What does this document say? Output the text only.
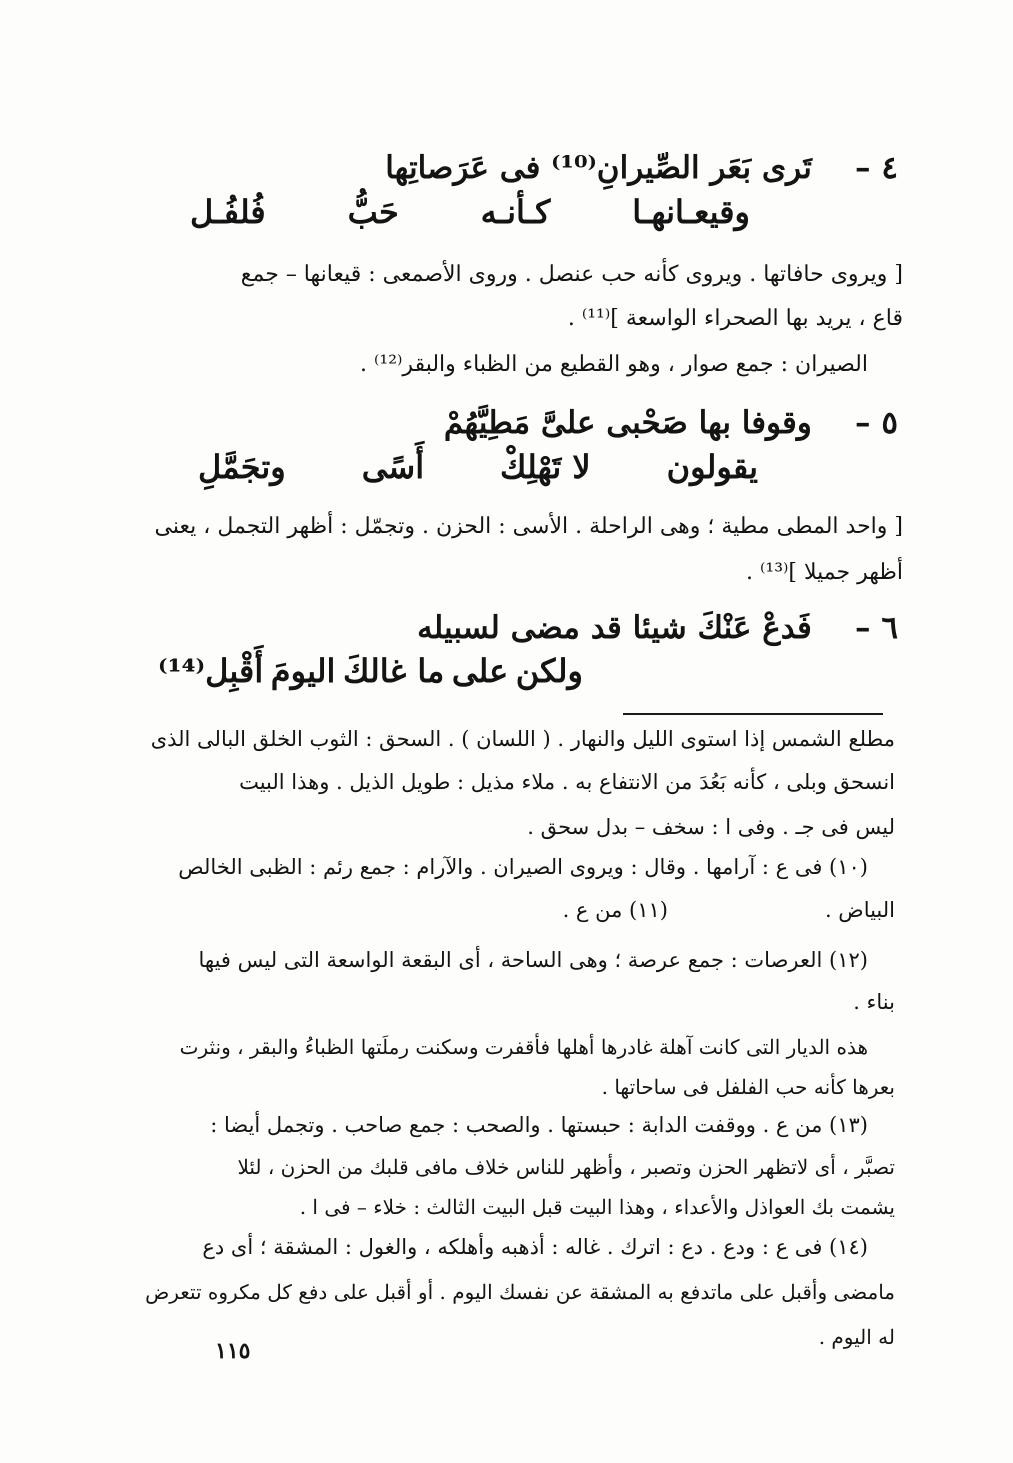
٤ –    تَرى بَعَر الصِّيرانِ⁽¹⁰⁾ فى عَرَصاتِها
وقيعـانهـا
كـأنـه
حَبُّ
فُلفُـل
[ ويروى حافاتها . ويروى كأنه حب عنصل . وروى الأصمعى : قيعانها – جمع
قاع ، يريد بها الصحراء الواسعة ]⁽¹¹⁾ .
الصيران : جمع صوار ، وهو القطيع من الظباء والبقر⁽¹²⁾ .
٥ –    وقوفا بها صَحْبى علىَّ مَطِيَّهُمْ
يقولون
لا تَهْلِكْ
أَسًى
وتجَمَّلِ
[ واحد المطى مطية ؛ وهى الراحلة . الأسى : الحزن . وتجمّل : أظهر التجمل ، يعنى
أظهر جميلا ]⁽¹³⁾ .
٦ –    فَدعْ عَنْكَ شيئا قد مضى لسبيله
ولكن
على
ما غالكَ
اليومَ
أَقْبِل⁽¹⁴⁾
مطلع الشمس إذا استوى الليل والنهار . ( اللسان ) . السحق : الثوب الخلق البالى الذى
انسحق وبلى ، كأنه بَعُدَ من الانتفاع به . ملاء مذيل : طويل الذيل . وهذا البيت
ليس فى جـ . وفى ا : سخف – بدل سحق .
(١٠) فى ع : آرامها . وقال : ويروى الصيران . والآرام : جمع رئم : الظبى الخالص
البياض .
(١١) من ع .
(١٢) العرصات : جمع عرصة ؛ وهى الساحة ، أى البقعة الواسعة التى ليس فيها
بناء .
هذه الديار التى كانت آهلة غادرها أهلها فأقفرت وسكنت رملَتها الظباءُ والبقر ، ونثرت
بعرها كأنه حب الفلفل فى ساحاتها .
(١٣) من ع . ووقفت الدابة : حبستها . والصحب : جمع صاحب . وتجمل أيضا :
تصبَّر ، أى لاتظهر الحزن وتصبر ، وأظهر للناس خلاف مافى قلبك من الحزن ، لئلا
يشمت بك العواذل والأعداء ، وهذا البيت قبل البيت الثالث : خلاء – فى ا .
(١٤) فى ع : ودع . دع : اترك . غاله : أذهبه وأهلكه ، والغول : المشقة ؛ أى دع
مامضى وأقبل على ماتدفع به المشقة عن نفسك اليوم . أو أقبل على دفع كل مكروه تتعرض
له اليوم .
١١٥
